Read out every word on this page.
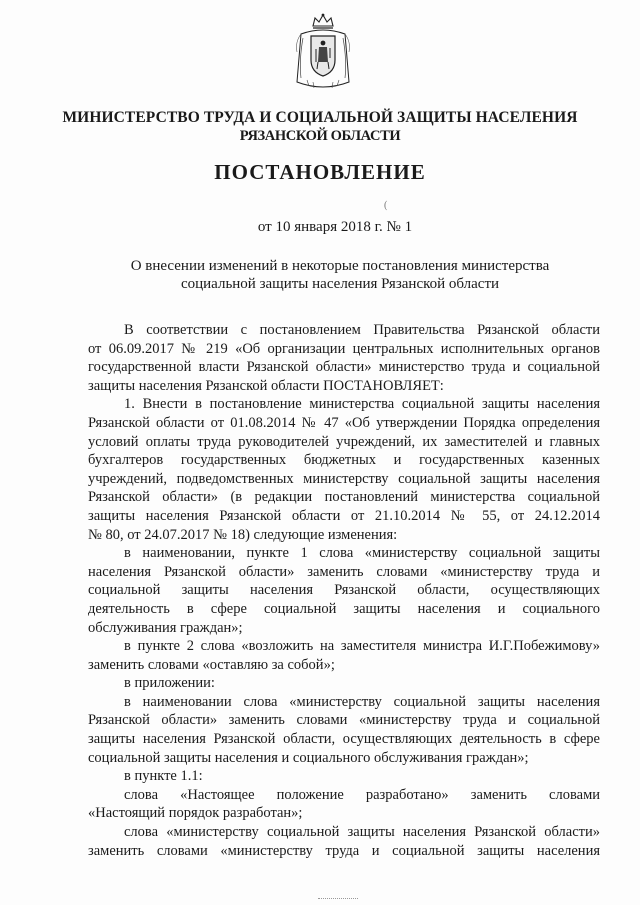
МИНИСТЕРСТВО ТРУДА И СОЦИАЛЬНОЙ ЗАЩИТЫ НАСЕЛЕНИЯ
РЯЗАНСКОЙ ОБЛАСТИ
ПОСТАНОВЛЕНИЕ
(
от 10 января 2018 г. № 1
О внесении изменений в некоторые постановления министерства
социальной защиты населения Рязанской области
В соответствии с постановлением Правительства Рязанской области
от 06.09.2017 № 219 «Об организации центральных исполнительных органов
государственной власти Рязанской области» министерство труда и социальной
защиты населения Рязанской области ПОСТАНОВЛЯЕТ:
1. Внести в постановление министерства социальной защиты населения
Рязанской области от 01.08.2014 № 47 «Об утверждении Порядка определения
условий оплаты труда руководителей учреждений, их заместителей и главных
бухгалтеров государственных бюджетных и государственных казенных
учреждений, подведомственных министерству социальной защиты населения
Рязанской области» (в редакции постановлений министерства социальной
защиты населения Рязанской области от 21.10.2014 № 55, от 24.12.2014
№ 80, от 24.07.2017 № 18) следующие изменения:
в наименовании, пункте 1 слова «министерству социальной защиты
населения Рязанской области» заменить словами «министерству труда и
социальной защиты населения Рязанской области, осуществляющих
деятельность в сфере социальной защиты населения и социального
обслуживания граждан»;
в пункте 2 слова «возложить на заместителя министра И.Г.Побежимову»
заменить словами «оставляю за собой»;
в приложении:
в наименовании слова «министерству социальной защиты населения
Рязанской области» заменить словами «министерству труда и социальной
защиты населения Рязанской области, осуществляющих деятельность в сфере
социальной защиты населения и социального обслуживания граждан»;
в пункте 1.1:
слова «Настоящее положение разработано» заменить словами
«Настоящий порядок разработан»;
слова «министерству социальной защиты населения Рязанской области»
заменить словами «министерству труда и социальной защиты населения
